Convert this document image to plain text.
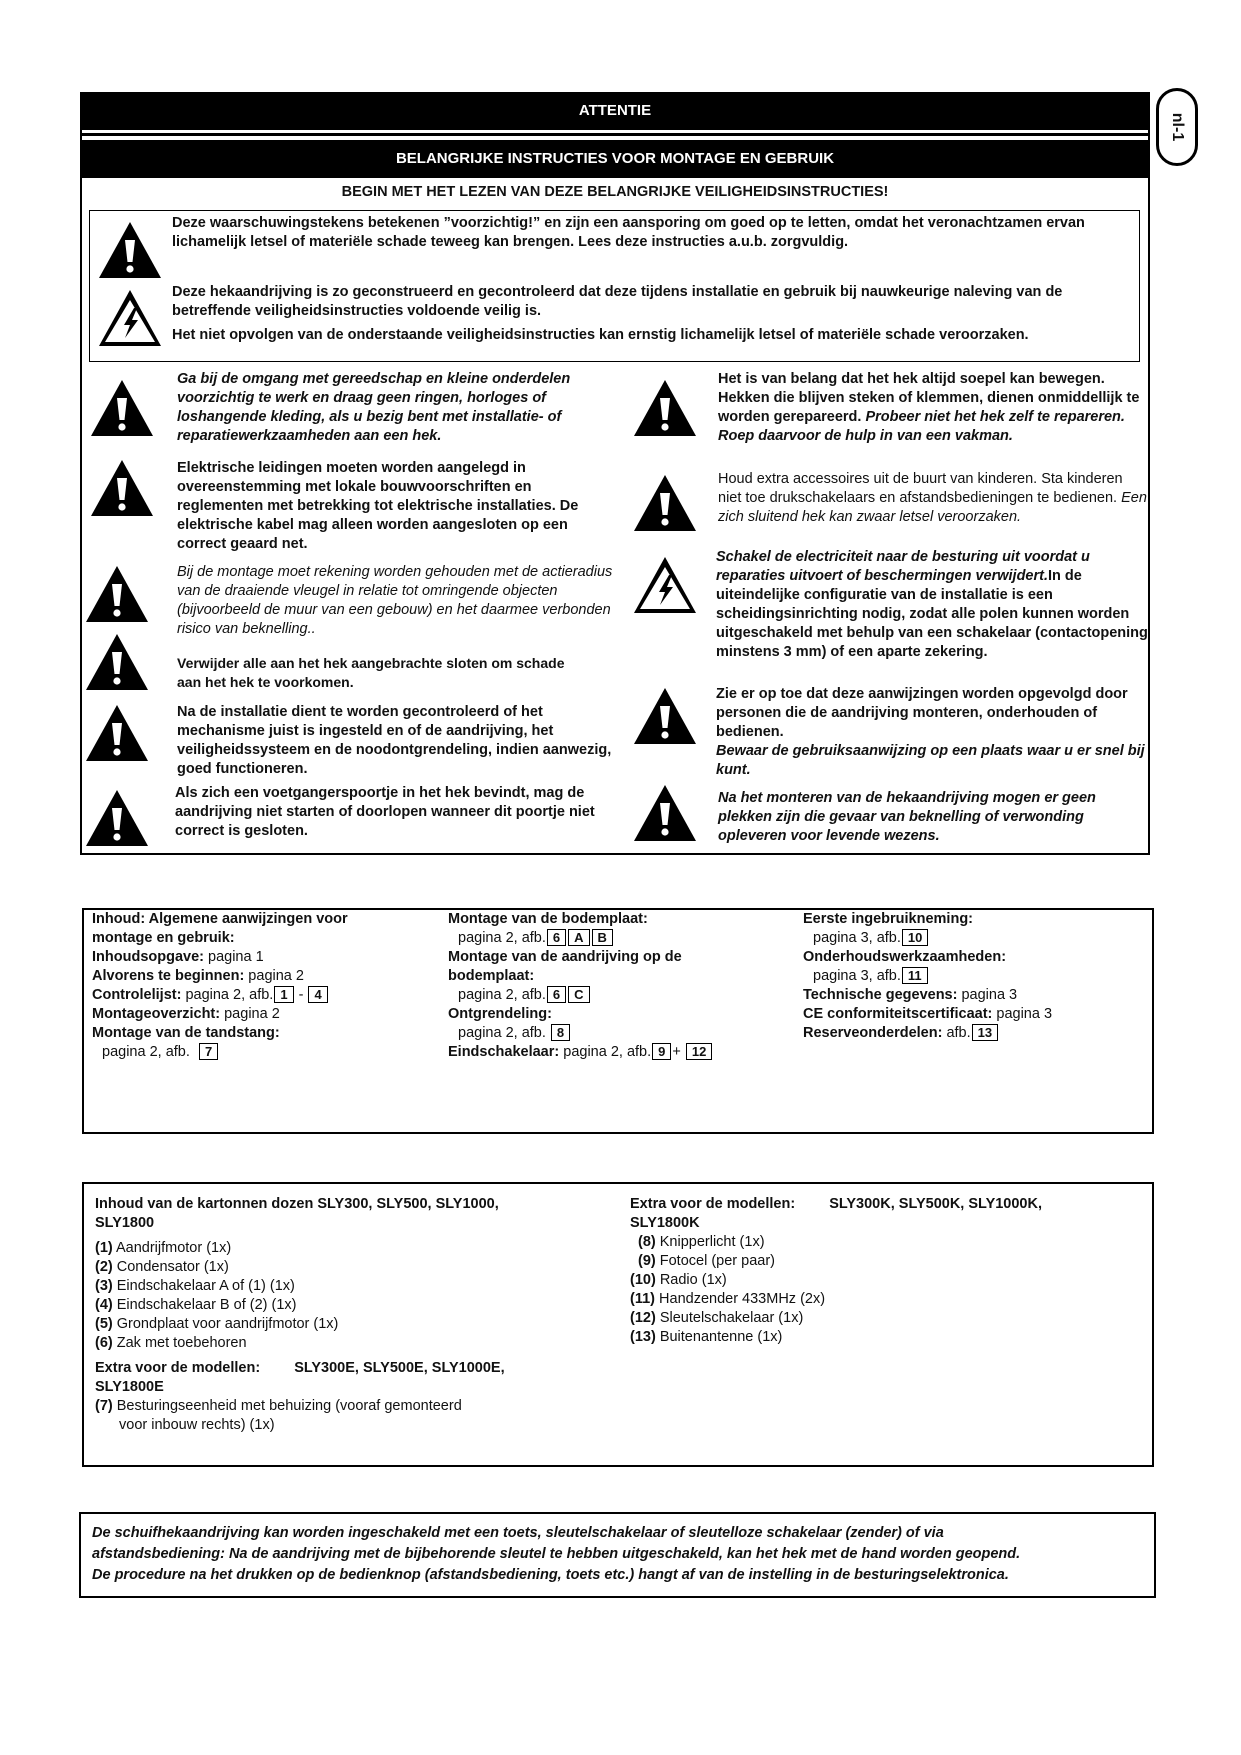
ATTENTIE
BELANGRIJKE INSTRUCTIES VOOR MONTAGE EN GEBRUIK
BEGIN MET HET LEZEN VAN DEZE BELANGRIJKE VEILIGHEIDSINSTRUCTIES!
nl-1
Deze waarschuwingstekens betekenen ”voorzichtig!” en zijn een aansporing om goed op te letten, omdat het veronachtzamen ervan lichamelijk letsel of materiële schade teweeg kan brengen. Lees deze instructies a.u.b. zorgvuldig.
Deze hekaandrijving is zo geconstrueerd en gecontroleerd dat deze tijdens installatie en gebruik bij nauwkeurige naleving van de betreffende veiligheidsinstructies voldoende veilig is.
Het niet opvolgen van de onderstaande veiligheidsinstructies kan ernstig lichamelijk letsel of materiële schade veroorzaken.
Ga bij de omgang met gereedschap en kleine onderdelen voorzichtig te werk en draag geen ringen, horloges of loshangende kleding, als u bezig bent met installatie- of reparatiewerkzaamheden aan een hek.
Elektrische leidingen moeten worden aangelegd in overeenstemming met lokale bouwvoorschriften en reglementen met betrekking tot elektrische installaties. De elektrische kabel mag alleen worden aangesloten op een correct geaard net.
Bij de montage moet rekening worden gehouden met de actieradius van de draaiende vleugel in relatie tot omringende objecten (bijvoorbeeld de muur van een gebouw) en het daarmee verbonden risico van beknelling..
Verwijder alle aan het hek aangebrachte sloten om schade aan het hek te voorkomen.
Na de installatie dient te worden gecontroleerd of het mechanisme juist is ingesteld en of de aandrijving, het veiligheidssysteem en de noodontgrendeling, indien aanwezig, goed functioneren.
Als zich een voetgangerspoortje in het hek bevindt, mag de aandrijving niet starten of doorlopen wanneer dit poortje niet correct is gesloten.
Het is van belang dat het hek altijd soepel kan bewegen. Hekken die blijven steken of klemmen, dienen onmiddellijk te worden gerepareerd. Probeer niet het hek zelf te repareren. Roep daarvoor de hulp in van een vakman.
Houd extra accessoires uit de buurt van kinderen. Sta kinderen niet toe drukschakelaars en afstandsbedieningen te bedienen. Een zich sluitend hek kan zwaar letsel veroorzaken.
Schakel de electriciteit naar de besturing uit voordat u reparaties uitvoert of beschermingen verwijdert.In de uiteindelijke configuratie van de installatie is een scheidingsinrichting nodig, zodat alle polen kunnen worden uitgeschakeld met behulp van een schakelaar (contactopening minstens 3 mm) of een aparte zekering.
Zie er op toe dat deze aanwijzingen worden opgevolgd door personen die de aandrijving monteren, onderhouden of bedienen.
Bewaar de gebruiksaanwijzing op een plaats waar u er snel bij kunt.
Na het monteren van de hekaandrijving mogen er geen plekken zijn die gevaar van beknelling of verwonding opleveren voor levende wezens.
Inhoud: Algemene aanwijzingen voor
montage en gebruik:
Inhoudsopgave: pagina 1
Alvorens te beginnen: pagina 2
Controlelijst: pagina 2, afb. 1 - 4
Montageoverzicht: pagina 2
Montage van de tandstang:
pagina 2, afb. 7
Montage van de bodemplaat:
pagina 2, afb. 6 A B
Montage van de aandrijving op de
bodemplaat:
pagina 2, afb. 6 C
Ontgrendeling:
pagina 2, afb. 8
Eindschakelaar: pagina 2, afb. 9 + 12
Eerste ingebruikneming:
pagina 3, afb. 10
Onderhoudswerkzaamheden:
pagina 3, afb. 11
Technische gegevens: pagina 3
CE conformiteitscertificaat: pagina 3
Reserveonderdelen: afb. 13
Inhoud van de kartonnen dozen SLY300, SLY500, SLY1000,
SLY1800
(1) Aandrijfmotor (1x)
(2) Condensator (1x)
(3) Eindschakelaar A of (1) (1x)
(4) Eindschakelaar B of (2) (1x)
(5) Grondplaat voor aandrijfmotor (1x)
(6) Zak met toebehoren
Extra voor de modellen: SLY300E, SLY500E, SLY1000E,
SLY1800E
(7) Besturingseenheid met behuizing (vooraf gemonteerd
voor inbouw rechts) (1x)
Extra voor de modellen: SLY300K, SLY500K, SLY1000K,
SLY1800K
(8) Knipperlicht (1x)
(9) Fotocel (per paar)
(10) Radio (1x)
(11) Handzender 433MHz (2x)
(12) Sleutelschakelaar (1x)
(13) Buitenantenne (1x)
De schuifhekaandrijving kan worden ingeschakeld met een toets, sleutelschakelaar of sleutelloze schakelaar (zender) of via
afstandsbediening: Na de aandrijving met de bijbehorende sleutel te hebben uitgeschakeld, kan het hek met de hand worden geopend.
De procedure na het drukken op de bedienknop (afstandsbediening, toets etc.) hangt af van de instelling in de besturingselektronica.
